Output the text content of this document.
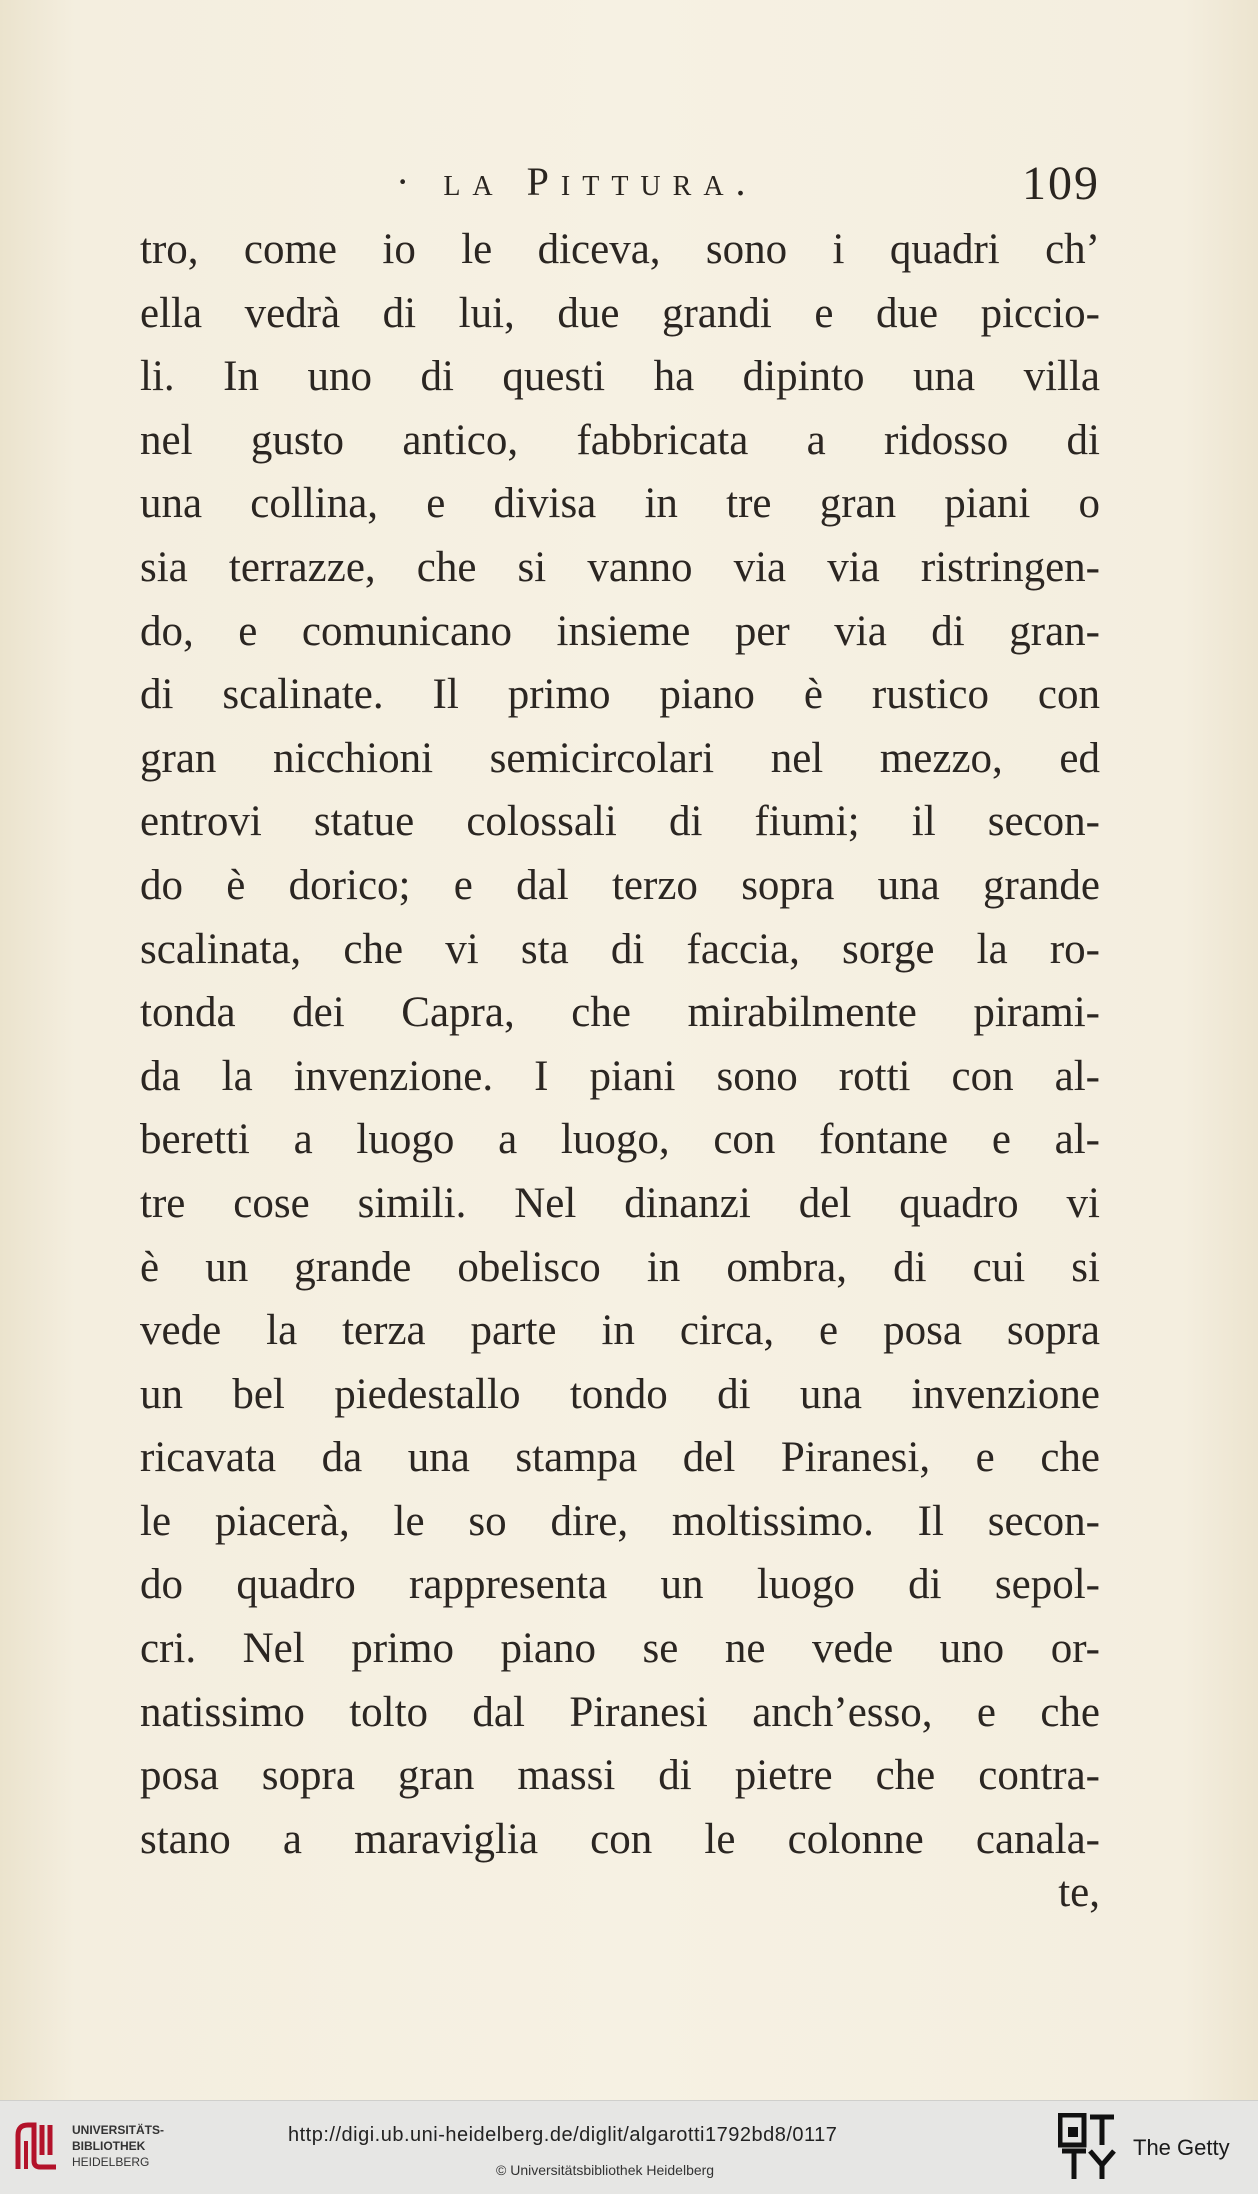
· la Pittura.	109
tro, come io le diceva, sono i quadri ch’
ella vedrà di lui, due grandi e due picciо-
li. In uno di questi ha dipinto una villa
nel gusto antico, fabbricata a ridosso di
una collina, e divisa in tre gran piani o
sia terrazze, che si vanno via via ristringen-
do, e comunicano insieme per via di gran-
di scalinate. Il primo piano è rustico con
gran nicchioni semicircolari nel mezzo, ed
entrovi statue colossali di fiumi; il secon-
do è dorico; e dal terzo sopra una grande
scalinata, che vi sta di faccia, sorge la ro-
tonda dei Capra, che mirabilmente pirami-
da la invenzione. I piani sono rotti con al-
beretti a luogo a luogo, con fontane e al-
tre cose simili. Nel dinanzi del quadro vi
è un grande obelisco in ombra, di cui si
vede la terza parte in circa, e posa sopra
un bel piedestallo tondo di una invenzione
ricavata da una stampa del Piranesi, e che
le piacerà, le so dire, moltissimo. Il secon-
do quadro rappresenta un luogo di sepol-
cri. Nel primo piano se ne vede uno or-
natissimo tolto dal Piranesi anch’esso, e che
posa sopra gran massi di pietre che contra-
stano a maraviglia con le colonne canala-
te,
UNIVERSITÄTS-
BIBLIOTHEK
HEIDELBERG
http://digi.ub.uni-heidelberg.de/diglit/algarotti1792bd8/0117
© Universitätsbibliothek Heidelberg
The Getty
